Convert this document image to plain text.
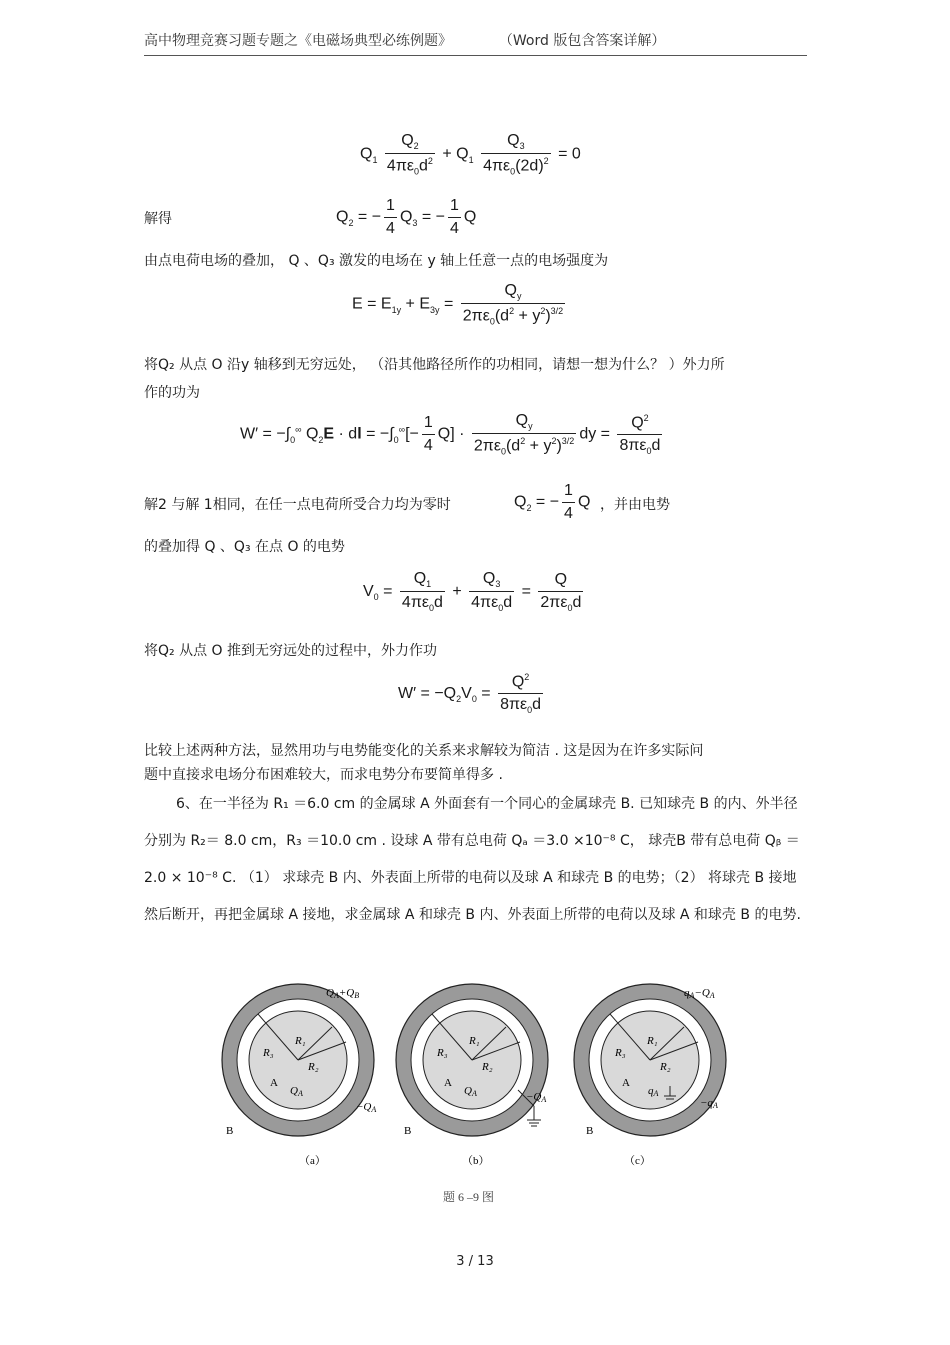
高中物理竞赛习题专题之《电磁场典型必练例题》	（Word 版包含答案详解）
$Q_1 \frac{Q_2}{4\pi\varepsilon_0d^2} + Q_1 \frac{Q_3}{4\pi\varepsilon_0(2d)^2} = 0$
解得	$Q_2$ = − $\frac{1}{4} Q_3$ = − $\frac{1}{4}$ Q
由点电荷电场的叠加， Q 、Q₃ 激发的电场在 y 轴上任意一点的电场强度为
$E = E_{1y} + E_{3y} = \frac{Q_y}{2\pi\varepsilon_0(d^2 + y^2)^{3/2}}$
将Q₂ 从点 O 沿y 轴移到无穷远处， （沿其他路径所作的功相同，请想一想为什么？ ）外力所
作的功为
$W' = -\int_0^\infty$ $Q_2E$ · dl = $-\int_0^\infty[- \frac{1}{4} Q] \cdot \frac{Q_y}{2\pi\varepsilon_0(d^2 + y^2)^{3/2}}$ dy = $\frac{Q^2}{8\pi\varepsilon_0d}$
解2 与解 1相同，在任一点电荷所受合力均为零时	$Q_2$ = − $\frac{1}{4}$ Q ，并由电势
的叠加得 Q 、Q₃ 在点 O 的电势
$V_0 = \frac{Q_1}{4\pi\varepsilon_0d} + \frac{Q_3}{4\pi\varepsilon_0d} = \frac{Q}{2\pi\varepsilon_0d}$
将Q₂ 从点 O 推到无穷远处的过程中，外力作功
$W' = -Q_2V_0 = \frac{Q^2}{8\pi\varepsilon_0d}$
比较上述两种方法，显然用功与电势能变化的关系来求解较为简洁 . 这是因为在许多实际问
题中直接求电场分布困难较大，而求电势分布要简单得多 .
6、在一半径为 R₁ ＝6.0 cm 的金属球 A 外面套有一个同心的金属球壳 B. 已知球壳 B 的内、外半径分别为 R₂＝ 8.0 cm，R₃ ＝10.0 cm . 设球 A 带有总电荷 Qₐ ＝3.0 ×10⁻⁸ C， 球壳B 带有总电荷 Qᵦ ＝2.0 × 10⁻⁸ C. （1） 求球壳 B 内、外表面上所带的电荷以及球 A 和球壳 B 的电势；（2） 将球壳 B 接地然后断开，再把金属球 A 接地，求金属球 A 和球壳 B 内、外表面上所带的电荷以及球 A 和球壳 B 的电势.
R₃
R₁
R₂
A
QA
QA+QB
−QA
B
（a）
R₃
R₁
R₂
A
QA	−QA
B
（b）
R₃
R₁
R₂
A
qA
qA−QA
−qA
B
（c）
题 6 –9 图
3 / 13
